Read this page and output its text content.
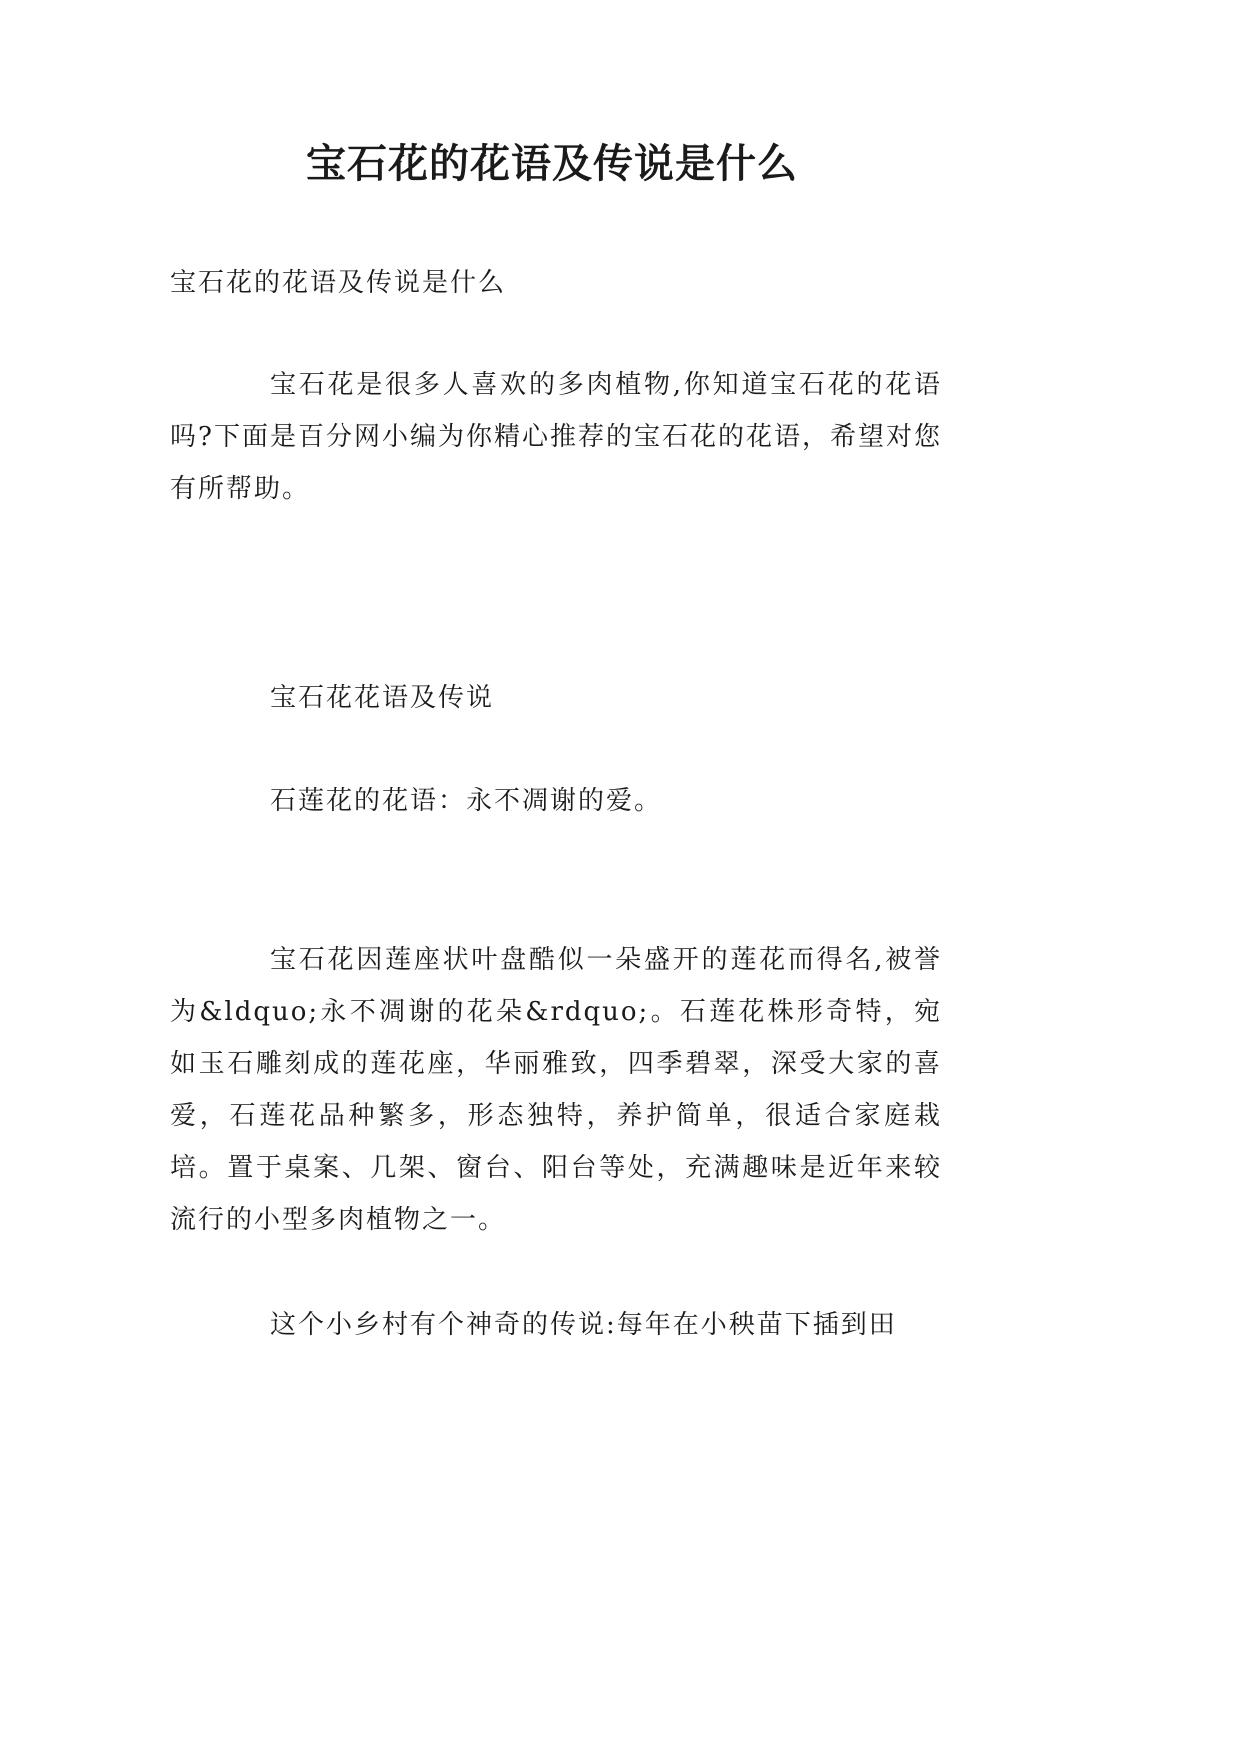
宝石花的花语及传说是什么

宝石花的花语及传说是什么

宝石花是很多人喜欢的多肉植物,你知道宝石花的花语吗?下面是百分网小编为你精心推荐的宝石花的花语，希望对您有所帮助。

宝石花花语及传说

石莲花的花语：永不凋谢的爱。

宝石花因莲座状叶盘酷似一朵盛开的莲花而得名,被誉为&ldquo;永不凋谢的花朵&rdquo;。石莲花株形奇特，宛如玉石雕刻成的莲花座，华丽雅致，四季碧翠，深受大家的喜爱，石莲花品种繁多，形态独特，养护简单，很适合家庭栽培。置于桌案、几架、窗台、阳台等处，充满趣味是近年来较流行的小型多肉植物之一。

这个小乡村有个神奇的传说:每年在小秧苗下插到田
